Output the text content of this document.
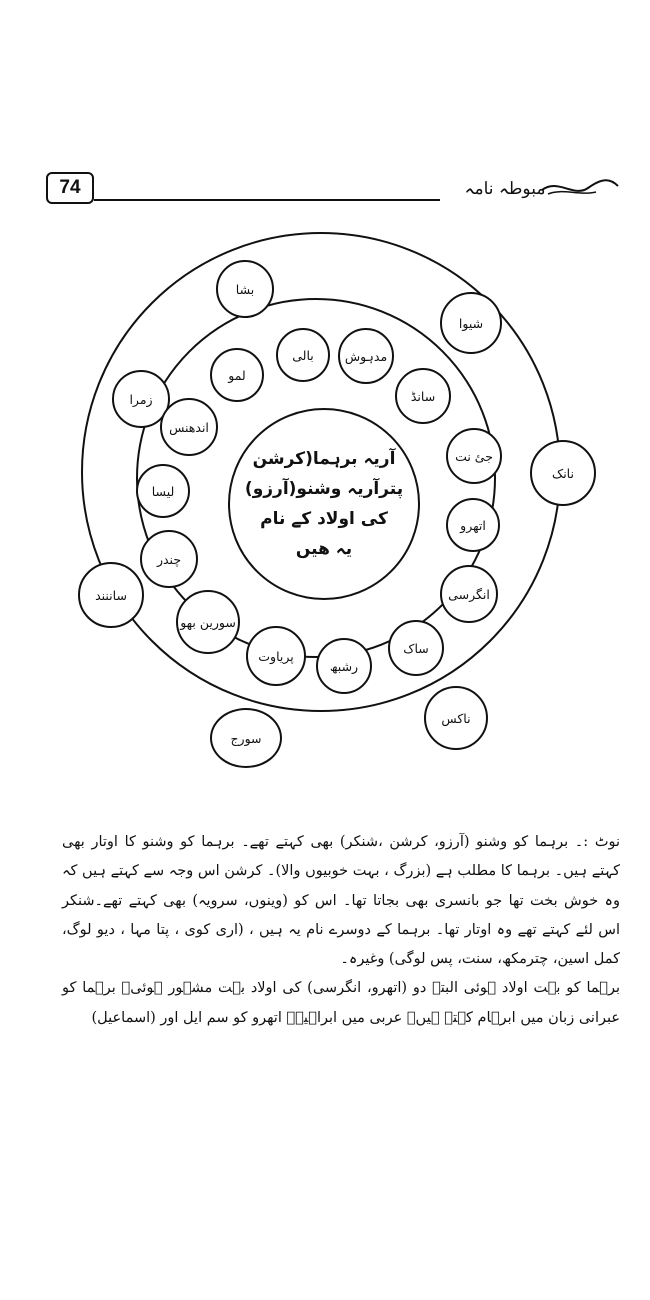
74	مبوطہ نامہ
آریہ برہما(کرشن
پترآریہ وشنو(آرزو)
کی اولاد کے نام
یہ ھیں
بشا
شیوا
نانک
ناکس
سورج
ساننند
زمرا
مدہوش
سانڈ
جئ نت
اتھرو
انگرسی
ساک
رشبھ
پریاوت
سورین بھو
چندر
لیسا
اندھنس
لمو
بالی

نوٹ :۔ برہما کو وشنو (آرزو، کرشن ،شنکر) بھی کہتے تھے۔ برہما کو وشنو کا اوتار بھی کہتے ہیں۔ برہما کا مطلب ہے (بزرگ ، بہت خوبیوں والا)۔ کرشن اس وجہ سے کہتے ہیں کہ وہ خوش بخت تھا جو بانسری بھی بجاتا تھا۔ اس کو (وینوں، سرویہ) بھی کہتے تھے۔شنکر اس لئے کہتے تھے وہ اوتار تھا۔ برہما کے دوسرے نام یہ ہیں ، (اری کوی ، پتا مہا ، دیو لوگ، کمل اسین، چترمکھ، سنت، پس لوگی) وغیرہ۔

برہما کو بہت اولاد ہوئی البتہ دو (اتھرو، انگرسی) کی اولاد بہت مشہور ہوئی۔ برہما کو عبرانی زبان میں ابرہام کہتے ہیں۔ عربی میں ابراہیمؑ اتھرو کو سم ایل اور (اسماعیل)
